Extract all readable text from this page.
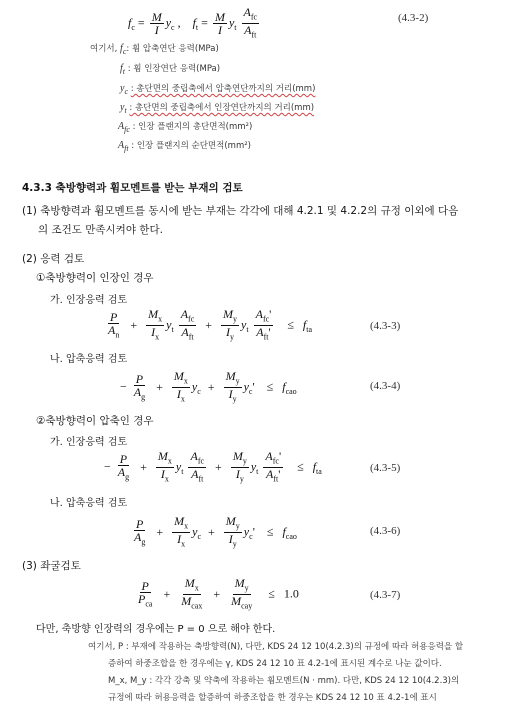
$f_c = \frac{M}{I} y_c$ ,    $f_t = \frac{M}{I} y_t \frac{A_{fc}}{A_{ft}}$	(4.3-2)
여기서, $f_c$: 휨 압축연단 응력(MPa)
$f_t$ : 휨 인장연단 응력(MPa)
$y_c$ : 총단면의 중립축에서 압축연단까지의 거리(mm)
$y_t$ : 총단면의 중립축에서 인장연단까지의 거리(mm)
$A_{fc}$ : 인장 플랜지의 총단면적(mm²)
$A_{ft}$ : 인장 플랜지의 순단면적(mm²)
4.3.3 축방향력과 휨모멘트를 받는 부재의 검토
(1) 축방향력과 휨모멘트를 동시에 받는 부재는 각각에 대해 4.2.1 및 4.2.2의 규정 이외에 다음
의 조건도 만족시켜야 한다.
(2) 응력 검토
①축방향력이 인장인 경우
가. 인장응력 검토
$\frac{P}{A_n} + \frac{M_x}{I_x} y_t \frac{A_{fc}}{A_{ft}} + \frac{M_y}{I_y} y_t \frac{A_{fc}'}{A_{ft}'} \le f_{ta}$	(4.3-3)
나. 압축응력 검토
− $\frac{P}{A_g} + \frac{M_x}{I_x} y_c + \frac{M_y}{I_y} y_c'$    ≤   $f_{cao}$	(4.3-4)
②축방향력이 압축인 경우
가. 인장응력 검토
− $\frac{P}{A_g} + \frac{M_x}{I_x} y_t \frac{A_{fc}}{A_{ft}} + \frac{M_y}{I_y} y_t \frac{A_{fc}'}{A_{ft}'} \le f_{ta}$	(4.3-5)
나. 압축응력 검토
$\frac{P}{A_g} + \frac{M_x}{I_x} y_c + \frac{M_y}{I_y} y_c'$    ≤   $f_{cao}$	(4.3-6)
(3) 좌굴검토
$\frac{P}{P_{ca}} + \frac{M_x}{M_{cax}} + \frac{M_y}{M_{cay}} \le 1.0$	(4.3-7)
다만, 축방향 인장력의 경우에는 P = 0 으로 해야 한다.
여기서, P : 부재에 작용하는 축방향력(N), 다만, KDS 24 12 10(4.2.3)의 규정에 따라 허용응력을 할
증하여 하중조합을 한 경우에는 γ, KDS 24 12 10 표 4.2-1에 표시된 계수로 나눈 값이다.
M_x, M_y : 각각 강축 및 약축에 작용하는 휨모멘트(N · mm). 다만, KDS 24 12 10(4.2.3)의
규정에 따라 허용응력을 할증하여 하중조합을 한 경우는 KDS 24 12 10 표 4.2-1에 표시
